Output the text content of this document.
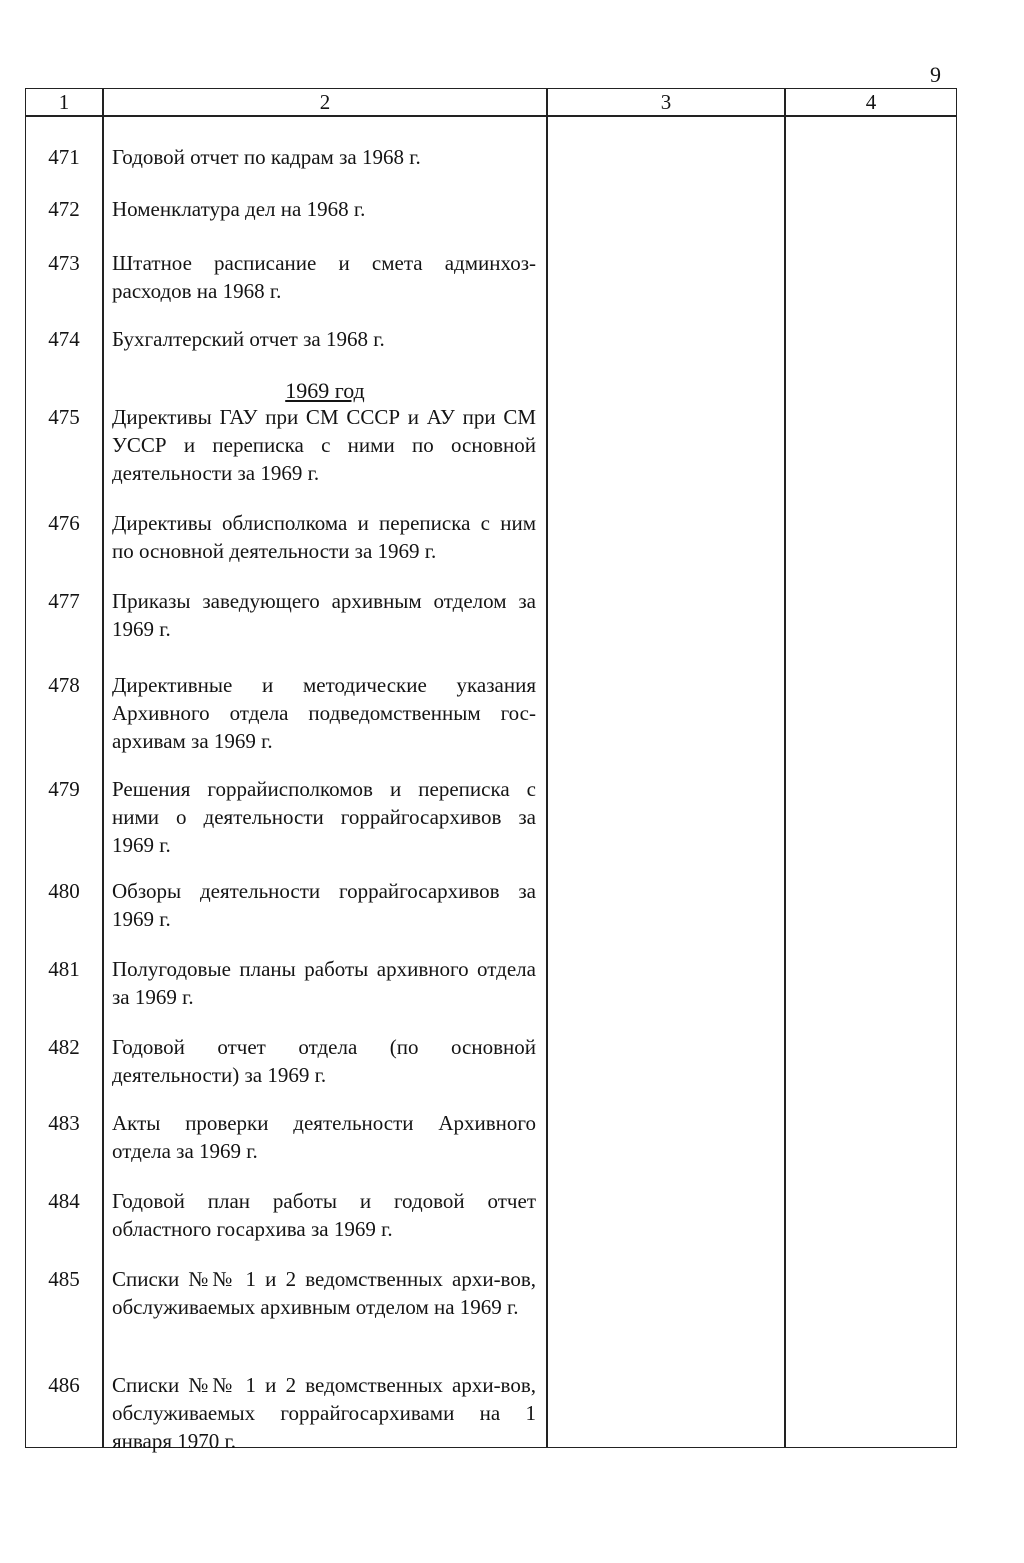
9
1	2	3	4
471	Годовой отчет по кадрам за 1968 г.
472	Номенклатура дел на 1968 г.
473	Штатное расписание и смета админхоз-расходов на 1968 г.
474	Бухгалтерский отчет за 1968 г.
1969 год
475	Директивы ГАУ при СМ СССР и АУ при СМ УССР и переписка с ними по основной деятельности за 1969 г.
476	Директивы облисполкома и переписка с ним по основной деятельности за 1969 г.
477	Приказы заведующего архивным отделом за 1969 г.
478	Директивные и методические указания Архивного отдела подведомственным гос-архивам за 1969 г.
479	Решения горрайисполкомов и переписка с ними о деятельности горрайгосархивов за 1969 г.
480	Обзоры деятельности горрайгосархивов за 1969 г.
481	Полугодовые планы работы архивного отдела за 1969 г.
482	Годовой отчет отдела (по основной деятельности) за 1969 г.
483	Акты проверки деятельности Архивного отдела за 1969 г.
484	Годовой план работы и годовой отчет областного госархива за 1969 г.
485	Списки №№ 1 и 2 ведомственных архи-вов, обслуживаемых архивным отделом на 1969 г.
486	Списки №№ 1 и 2 ведомственных архи-вов, обслуживаемых горрайгосархивами на 1 января 1970 г.
